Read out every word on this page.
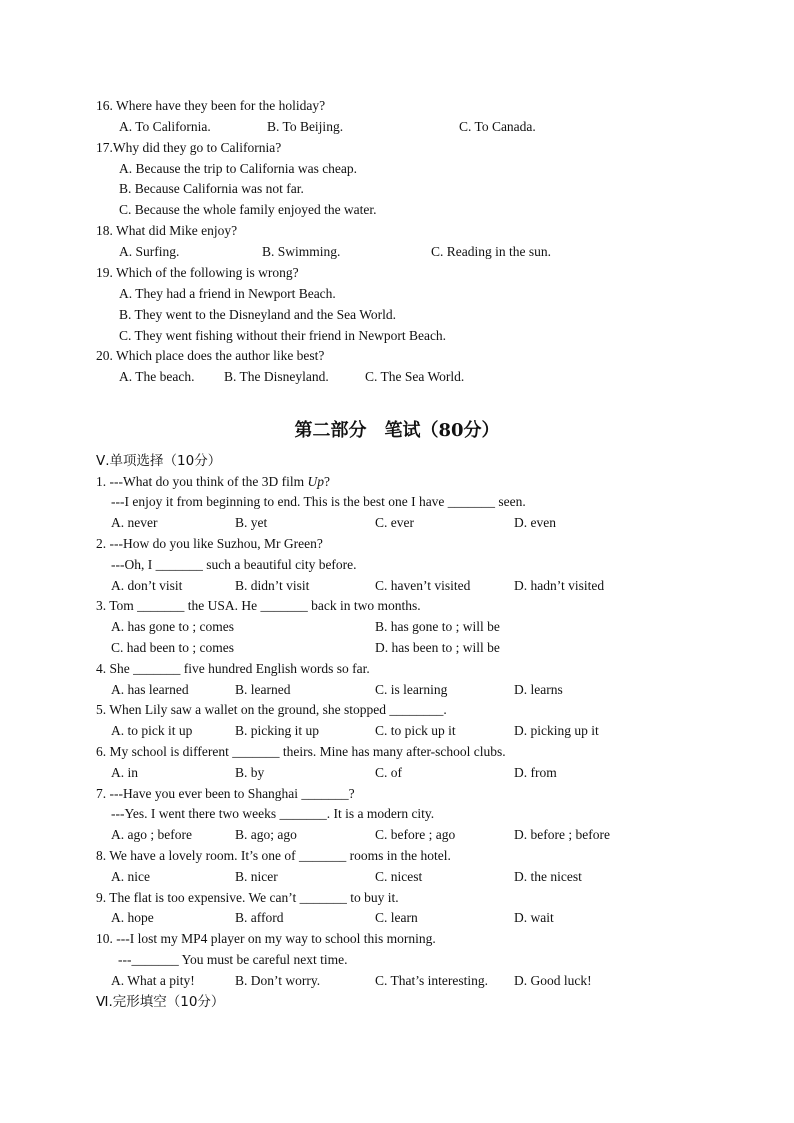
16. Where have they been for the holiday?
A. To California.	B. To Beijing.	C. To Canada.
17.Why did they go to California?
A. Because the trip to California was cheap.
B. Because California was not far.
C. Because the whole family enjoyed the water.
18. What did Mike enjoy?
A. Surfing.	B. Swimming.	C. Reading in the sun.
19. Which of the following is wrong?
A. They had a friend in Newport Beach.
B. They went to the Disneyland and the Sea World.
C. They went fishing without their friend in Newport Beach.
20. Which place does the author like best?
A. The beach. B. The Disneyland.	C. The Sea World.
第二部分　笔试（80分）
Ⅴ.单项选择（10分）
1. ---What do you think of the 3D film Up?
---I enjoy it from beginning to end. This is the best one I have _______ seen.
A. never	B. yet	C. ever	D. even
2. ---How do you like Suzhou, Mr Green?
---Oh, I _______ such a beautiful city before.
A. don’t visit	B. didn’t visit	C. haven’t visited	D. hadn’t visited
3. Tom _______ the USA. He _______ back in two months.
A. has gone to ; comes	B. has gone to ; will be
C. had been to ; comes	D. has been to ; will be
4. She _______ five hundred English words so far.
A. has learned	B. learned	C. is learning	D. learns
5. When Lily saw a wallet on the ground, she stopped ________.
A. to pick it up	B. picking it up	C. to pick up it	D. picking up it
6. My school is different _______ theirs. Mine has many after-school clubs.
A. in	B. by	C. of	D. from
7. ---Have you ever been to Shanghai _______?
---Yes. I went there two weeks _______. It is a modern city.
A. ago ; before	B. ago; ago	C. before ; ago	D. before ; before
8. We have a lovely room. It’s one of _______ rooms in the hotel.
A. nice	B. nicer	C. nicest	D. the nicest
9. The flat is too expensive. We can’t _______ to buy it.
A. hope	B. afford	C. learn	D. wait
10. ---I lost my MP4 player on my way to school this morning.
---_______ You must be careful next time.
A. What a pity!	B. Don’t worry.	C. That’s interesting. D. Good luck!
Ⅵ.完形填空（10分）
